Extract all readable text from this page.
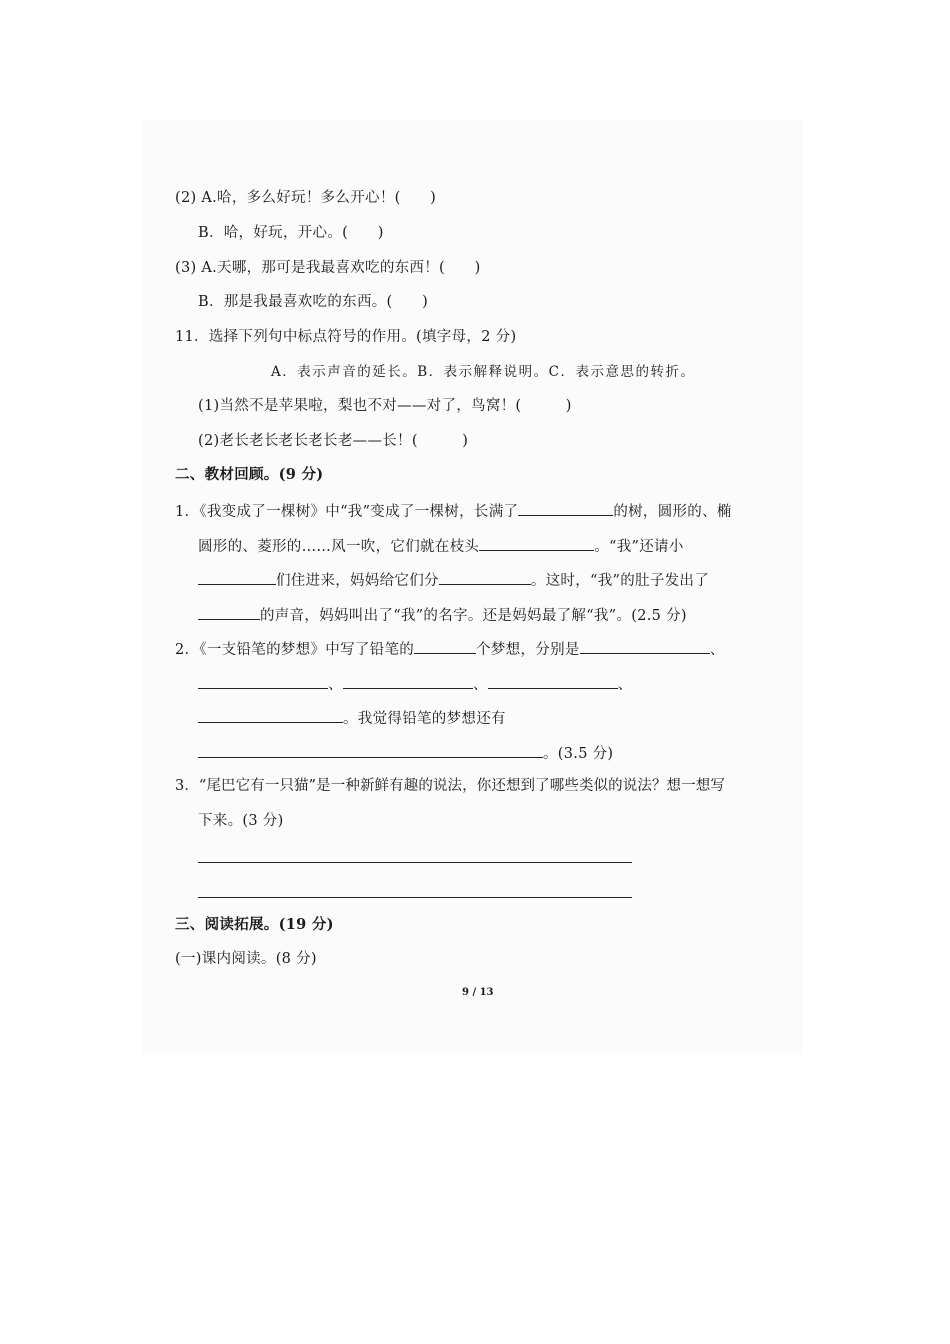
(2) A.哈，多么好玩！多么开心！(　　)
B．哈，好玩，开心。(　　)
(3) A.天哪，那可是我最喜欢吃的东西！(　　)
B．那是我最喜欢吃的东西。(　　)
11．选择下列句中标点符号的作用。(填字母，2 分)
A．表示声音的延长。B．表示解释说明。C．表示意思的转折。
(1)当然不是苹果啦，梨也不对——对了，鸟窝！(　　　)
(2)老长老长老长老长老——长！(　　　)
二、教材回顾。(9 分)
1．《我变成了一棵树》中“我”变成了一棵树，长满了	的树，圆形的、椭
圆形的、菱形的……风一吹，它们就在枝头	。“我”还请小
们住进来，妈妈给它们分	。这时，“我”的肚子发出了
的声音，妈妈叫出了“我”的名字。还是妈妈最了解“我”。(2.5 分)
2．《一支铅笔的梦想》中写了铅笔的	个梦想，分别是	、
、	、	、
。我觉得铅笔的梦想还有
。(3.5 分)
3．“尾巴它有一只猫”是一种新鲜有趣的说法，你还想到了哪些类似的说法？想一想写
下来。(3 分)
三、阅读拓展。(19 分)
(一)课内阅读。(8 分)
9 / 13
